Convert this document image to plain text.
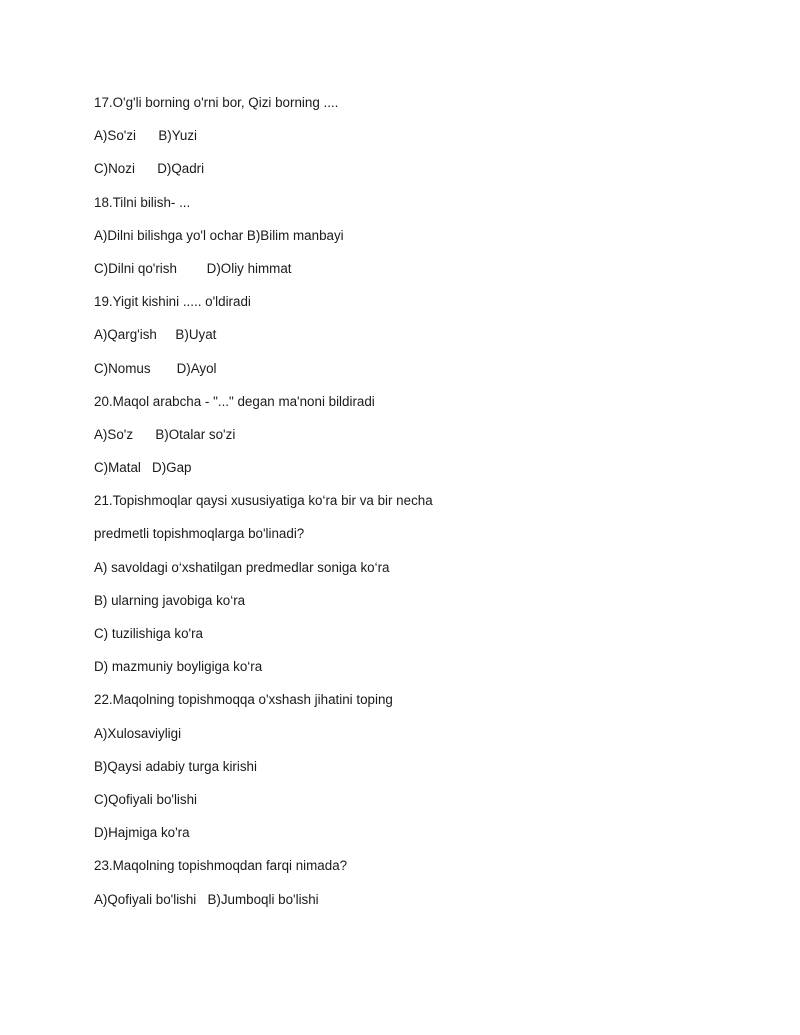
17.O'g'li borning o'rni bor, Qizi borning ....
A)So'zi      B)Yuzi
C)Nozi      D)Qadri
18.Tilni bilish- ...
A)Dilni bilishga yo'l ochar B)Bilim manbayi
C)Dilni qo'rish        D)Oliy himmat
19.Yigit kishini ..... o'ldiradi
A)Qarg'ish     B)Uyat
C)Nomus       D)Ayol
20.Maqol arabcha - "..." degan ma'noni bildiradi
A)So'z      B)Otalar so'zi
C)Matal   D)Gap
21.Topishmoqlar qaysi xususiyatiga ko‘ra bir va bir necha
predmetli topishmoqlarga bo'linadi?
A) savoldagi o‘xshatilgan predmedlar soniga ko‘ra
B) ularning javobiga ko‘ra
C) tuzilishiga ko'ra
D) mazmuniy boyligiga ko‘ra
22.Maqolning topishmoqqa o'xshash jihatini toping
A)Xulosaviyligi
B)Qaysi adabiy turga kirishi
C)Qofiyali bo'lishi
D)Hajmiga ko'ra
23.Maqolning topishmoqdan farqi nimada?
A)Qofiyali bo'lishi   B)Jumboqli bo'lishi
